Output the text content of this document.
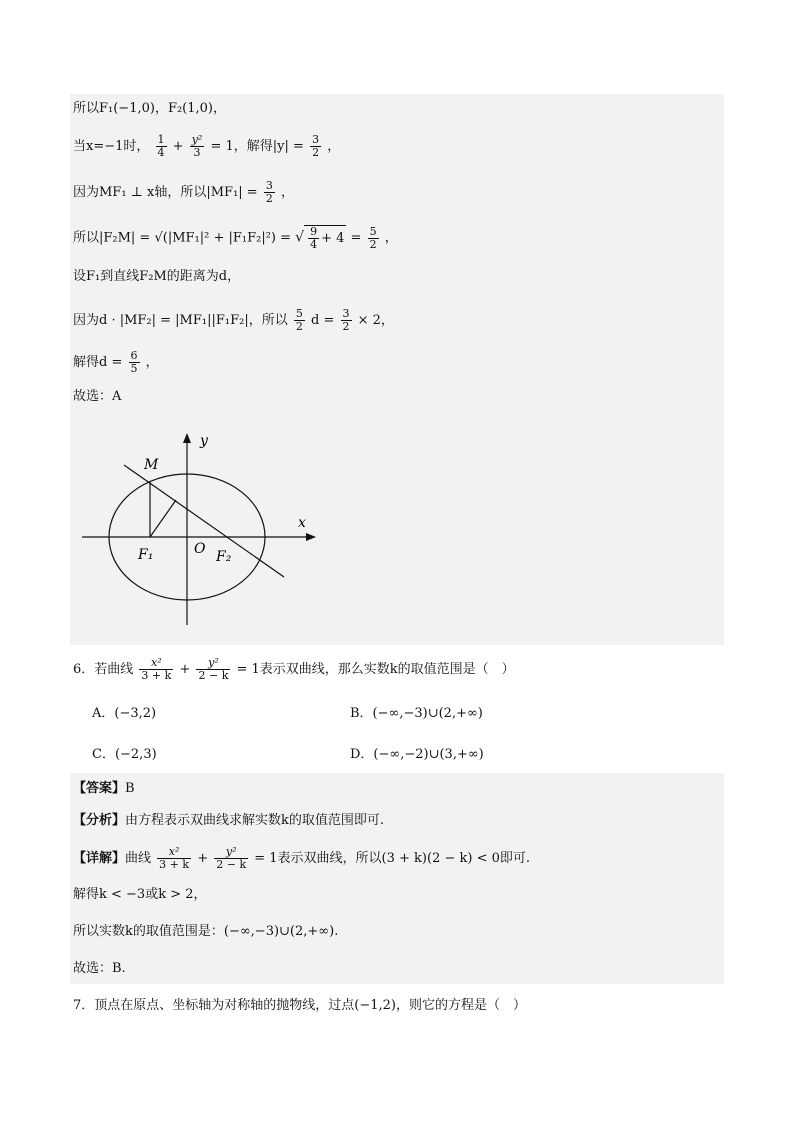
所以F₁(−1,0)，F₂(1,0)，
当x=−1时， $\frac{1}{4} + \frac{\text{y²}}{3} = 1$，解得$|y| = \frac{3}{2}$ ，
因为MF₁ ⊥ x轴，所以$|MF_1| = \frac{3}{2}$ ，
所以|F₂M| = √(|MF₁|² + |F₁F₂|²) = √ $\frac{9}{4} + 4 = \frac{5}{2}$ ，
设F₁到直线F₂M的距离为d，
因为d · |MF₂| = |MF₁||F₁F₂|，所以 $\frac{5}{2}$ $d = \frac{3}{2} \times 2$，
解得$d = \frac{6}{5}$ ，
故选：A
y
x
M
F₁	O F₂
6．若曲线 $\frac{\text{x²}}{3 + k} + \frac{\text{y²}}{2 - k} = 1$表示双曲线，那么实数k的取值范围是（　）
A．(−3,2)	B．(−∞,−3)∪(2,+∞)
C．(−2,3)	D．(−∞,−2)∪(3,+∞)
【答案】B
【分析】由方程表示双曲线求解实数k的取值范围即可.
【详解】曲线 $\frac{\text{x²}}{3 + k} + \frac{\text{y²}}{2 - k} = 1$表示双曲线，所以(3 + k)(2 − k) < 0即可.
解得k < −3或k > 2，
所以实数k的取值范围是：(−∞,−3)∪(2,+∞).
故选：B.
7．顶点在原点、坐标轴为对称轴的抛物线，过点(−1,2)，则它的方程是（　）
